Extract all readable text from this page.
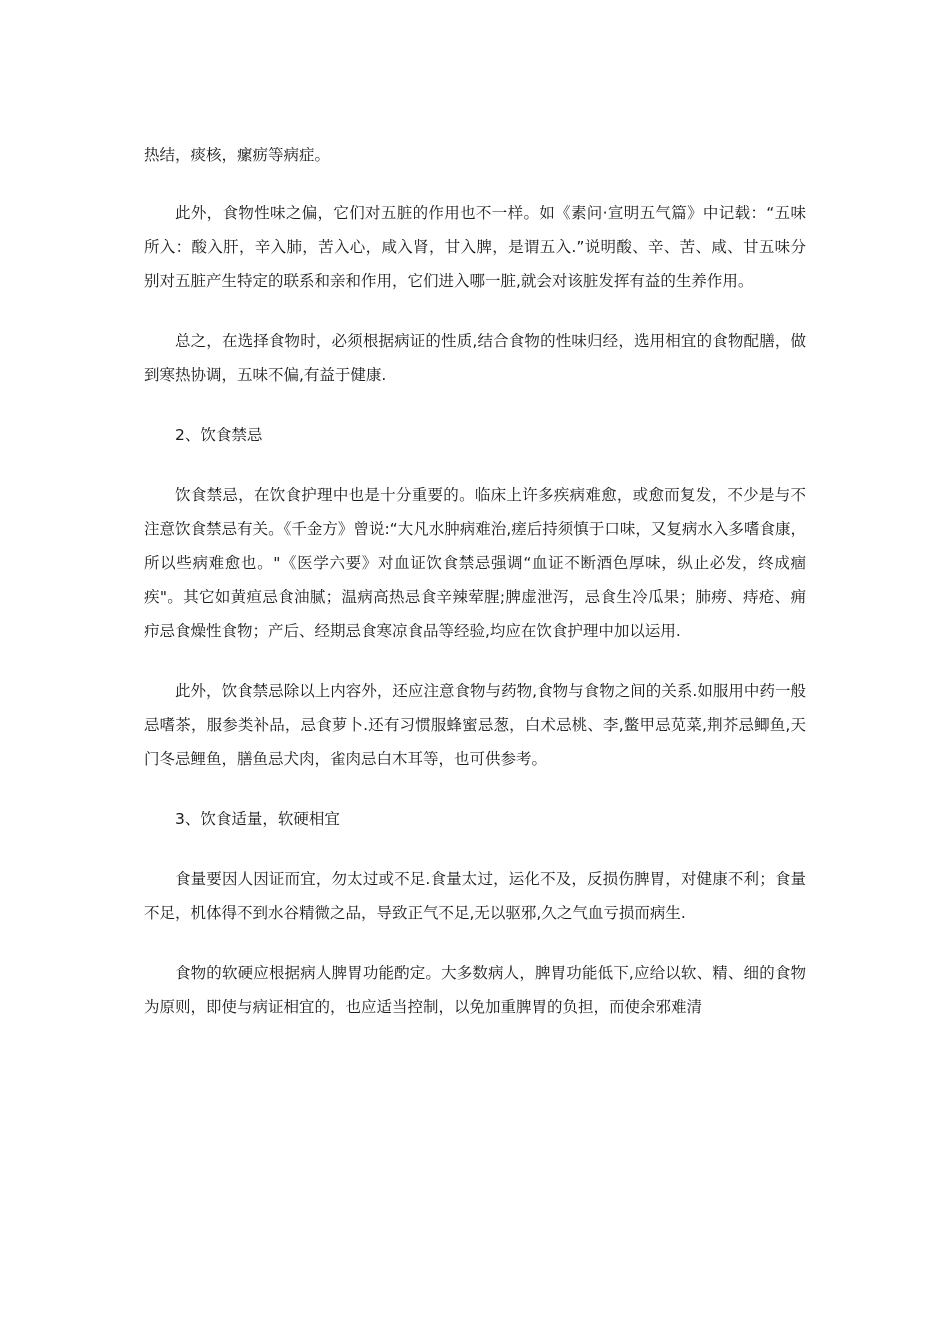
热结，痰核，瘰疬等病症。

此外，食物性味之偏，它们对五脏的作用也不一样。如《素问·宣明五气篇》中记载：“五味所入：酸入肝，辛入肺，苦入心，咸入肾，甘入脾，是谓五入.”说明酸、辛、苦、咸、甘五味分别对五脏产生特定的联系和亲和作用，它们进入哪一脏,就会对该脏发挥有益的生养作用。

总之，在选择食物时，必须根据病证的性质,结合食物的性味归经，选用相宜的食物配膳，做到寒热协调，五味不偏,有益于健康.

2、饮食禁忌

饮食禁忌，在饮食护理中也是十分重要的。临床上许多疾病难愈，或愈而复发，不少是与不注意饮食禁忌有关。《千金方》曾说:“大凡水肿病难治,瘥后持须慎于口味，又复病水入多嗜食康，所以些病难愈也。"《医学六要》对血证饮食禁忌强调“血证不断酒色厚味，纵止必发，终成痼疾"。其它如黄疸忌食油腻；温病高热忌食辛辣荤腥;脾虚泄泻，忌食生冷瓜果；肺痨、痔疮、痈疖忌食燥性食物；产后、经期忌食寒凉食品等经验,均应在饮食护理中加以运用.

此外，饮食禁忌除以上内容外，还应注意食物与药物,食物与食物之间的关系.如服用中药一般忌嗜茶，服参类补品，忌食萝卜.还有习惯服蜂蜜忌葱，白术忌桃、李,鳖甲忌苋菜,荆芥忌鲫鱼,天门冬忌鲤鱼，膳鱼忌犬肉，雀肉忌白木耳等，也可供参考。

3、饮食适量，软硬相宜

食量要因人因证而宜，勿太过或不足.食量太过，运化不及，反损伤脾胃，对健康不利；食量不足，机体得不到水谷精微之品，导致正气不足,无以驱邪,久之气血亏损而病生.

食物的软硬应根据病人脾胃功能酌定。大多数病人，脾胃功能低下,应给以软、精、细的食物为原则，即使与病证相宜的，也应适当控制，以免加重脾胃的负担，而使余邪难清
